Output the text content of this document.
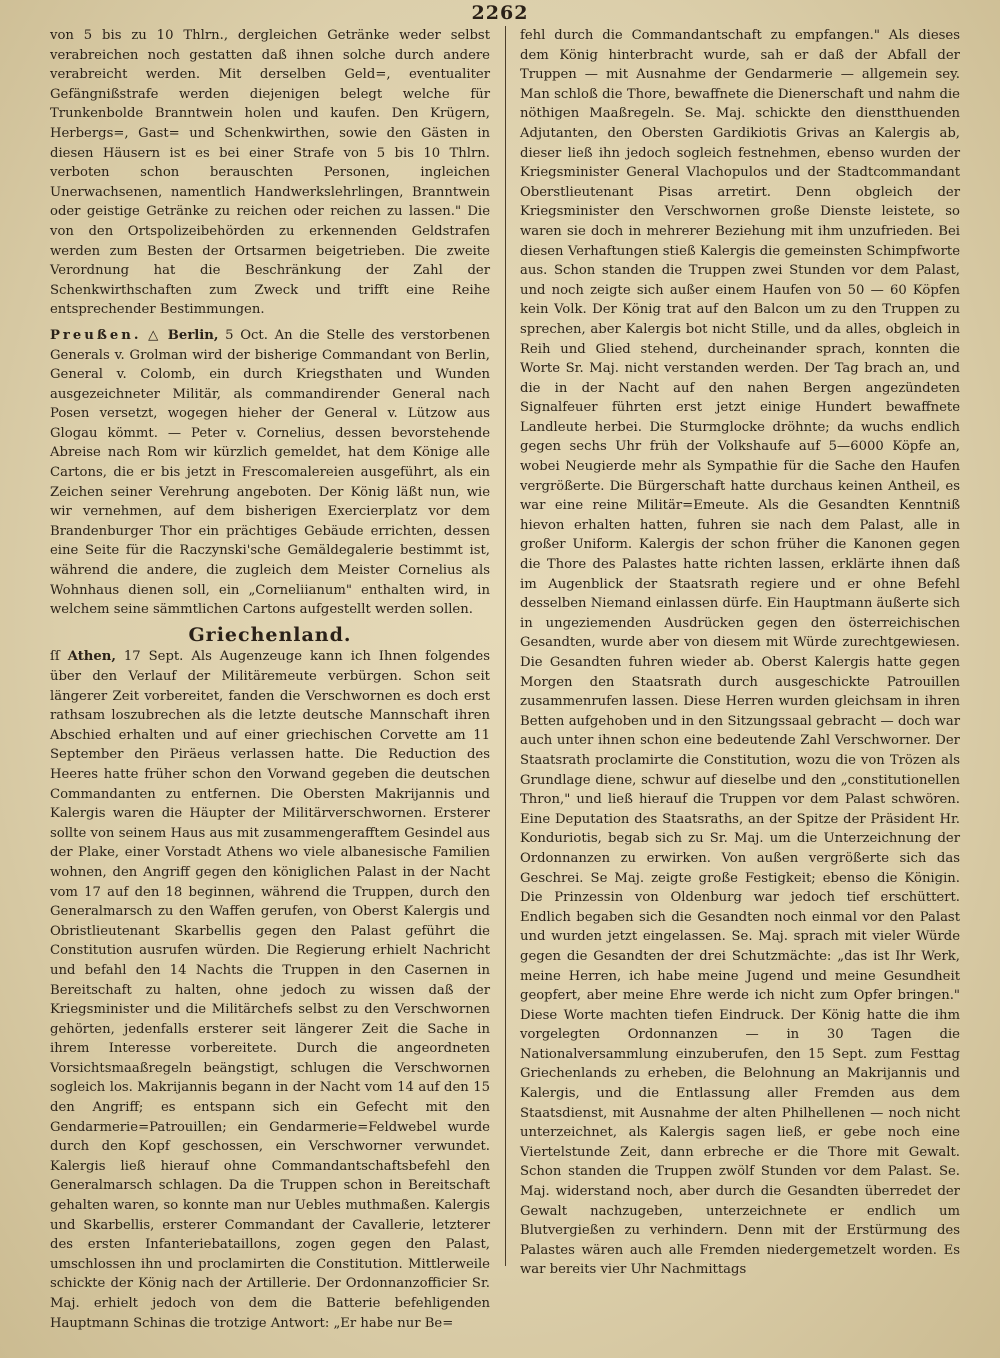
2262

von 5 bis zu 10 Thlrn., dergleichen Getränke weder selbst verabreichen noch gestatten daß ihnen solche durch andere verabreicht werden. Mit derselben Geld=, eventualiter Gefängnißstrafe werden diejenigen belegt welche für Trunkenbolde Branntwein holen und kaufen. Den Krügern, Herbergs=, Gast= und Schenkwirthen, sowie den Gästen in diesen Häusern ist es bei einer Strafe von 5 bis 10 Thlrn. verboten schon berauschten Personen, ingleichen Unerwachsenen, namentlich Handwerkslehrlingen, Branntwein oder geistige Getränke zu reichen oder reichen zu lassen." Die von den Ortspolizeibehörden zu erkennenden Geldstrafen werden zum Besten der Ortsarmen beigetrieben. Die zweite Verordnung hat die Beschränkung der Zahl der Schenkwirthschaften zum Zweck und trifft eine Reihe entsprechender Bestimmungen.

Preußen. △ Berlin, 5 Oct. An die Stelle des verstorbenen Generals v. Grolman wird der bisherige Commandant von Berlin, General v. Colomb, ein durch Kriegsthaten und Wunden ausgezeichneter Militär, als commandirender General nach Posen versetzt, wogegen hieher der General v. Lützow aus Glogau kömmt. — Peter v. Cornelius, dessen bevorstehende Abreise nach Rom wir kürzlich gemeldet, hat dem Könige alle Cartons, die er bis jetzt in Frescomalereien ausgeführt, als ein Zeichen seiner Verehrung angeboten. Der König läßt nun, wie wir vernehmen, auf dem bisherigen Exercierplatz vor dem Brandenburger Thor ein prächtiges Gebäude errichten, dessen eine Seite für die Raczynski'sche Gemäldegalerie bestimmt ist, während die andere, die zugleich dem Meister Cornelius als Wohnhaus dienen soll, ein „Corneliianum" enthalten wird, in welchem seine sämmtlichen Cartons aufgestellt werden sollen.

Griechenland.

ſſ Athen, 17 Sept. Als Augenzeuge kann ich Ihnen folgendes über den Verlauf der Militäremeute verbürgen. Schon seit längerer Zeit vorbereitet, fanden die Verschwornen es doch erst rathsam loszubrechen als die letzte deutsche Mannschaft ihren Abschied erhalten und auf einer griechischen Corvette am 11 September den Piräeus verlassen hatte. Die Reduction des Heeres hatte früher schon den Vorwand gegeben die deutschen Commandanten zu entfernen. Die Obersten Makrijannis und Kalergis waren die Häupter der Militärverschwornen. Ersterer sollte von seinem Haus aus mit zusammengerafftem Gesindel aus der Plake, einer Vorstadt Athens wo viele albanesische Familien wohnen, den Angriff gegen den königlichen Palast in der Nacht vom 17 auf den 18 beginnen, während die Truppen, durch den Generalmarsch zu den Waffen gerufen, von Oberst Kalergis und Obristlieutenant Skarbellis gegen den Palast geführt die Constitution ausrufen würden. Die Regierung erhielt Nachricht und befahl den 14 Nachts die Truppen in den Casernen in Bereitschaft zu halten, ohne jedoch zu wissen daß der Kriegsminister und die Militärchefs selbst zu den Verschwornen gehörten, jedenfalls ersterer seit längerer Zeit die Sache in ihrem Interesse vorbereitete. Durch die angeordneten Vorsichtsmaaßregeln beängstigt, schlugen die Verschwornen sogleich los. Makrijannis begann in der Nacht vom 14 auf den 15 den Angriff; es entspann sich ein Gefecht mit den Gendarmerie=Patrouillen; ein Gendarmerie=Feldwebel wurde durch den Kopf geschossen, ein Verschworner verwundet. Kalergis ließ hierauf ohne Commandantschaftsbefehl den Generalmarsch schlagen. Da die Truppen schon in Bereitschaft gehalten waren, so konnte man nur Uebles muthmaßen. Kalergis und Skarbellis, ersterer Commandant der Cavallerie, letzterer des ersten Infanteriebataillons, zogen gegen den Palast, umschlossen ihn und proclamirten die Constitution. Mittlerweile schickte der König nach der Artillerie. Der Ordonnanzofficier Sr. Maj. erhielt jedoch von dem die Batterie befehligenden Hauptmann Schinas die trotzige Antwort: „Er habe nur Be=

fehl durch die Commandantschaft zu empfangen." Als dieses dem König hinterbracht wurde, sah er daß der Abfall der Truppen — mit Ausnahme der Gendarmerie — allgemein sey. Man schloß die Thore, bewaffnete die Dienerschaft und nahm die nöthigen Maaßregeln. Se. Maj. schickte den dienstthuenden Adjutanten, den Obersten Gardikiotis Grivas an Kalergis ab, dieser ließ ihn jedoch sogleich festnehmen, ebenso wurden der Kriegsminister General Vlachopulos und der Stadtcommandant Oberstlieutenant Pisas arretirt. Denn obgleich der Kriegsminister den Verschwornen große Dienste leistete, so waren sie doch in mehrerer Beziehung mit ihm unzufrieden. Bei diesen Verhaftungen stieß Kalergis die gemeinsten Schimpfworte aus. Schon standen die Truppen zwei Stunden vor dem Palast, und noch zeigte sich außer einem Haufen von 50 — 60 Köpfen kein Volk. Der König trat auf den Balcon um zu den Truppen zu sprechen, aber Kalergis bot nicht Stille, und da alles, obgleich in Reih und Glied stehend, durcheinander sprach, konnten die Worte Sr. Maj. nicht verstanden werden. Der Tag brach an, und die in der Nacht auf den nahen Bergen angezündeten Signalfeuer führten erst jetzt einige Hundert bewaffnete Landleute herbei. Die Sturmglocke dröhnte; da wuchs endlich gegen sechs Uhr früh der Volkshaufe auf 5—6000 Köpfe an, wobei Neugierde mehr als Sympathie für die Sache den Haufen vergrößerte. Die Bürgerschaft hatte durchaus keinen Antheil, es war eine reine Militär=Emeute. Als die Gesandten Kenntniß hievon erhalten hatten, fuhren sie nach dem Palast, alle in großer Uniform. Kalergis der schon früher die Kanonen gegen die Thore des Palastes hatte richten lassen, erklärte ihnen daß im Augenblick der Staatsrath regiere und er ohne Befehl desselben Niemand einlassen dürfe. Ein Hauptmann äußerte sich in ungeziemenden Ausdrücken gegen den österreichischen Gesandten, wurde aber von diesem mit Würde zurechtgewiesen. Die Gesandten fuhren wieder ab. Oberst Kalergis hatte gegen Morgen den Staatsrath durch ausgeschickte Patrouillen zusammenrufen lassen. Diese Herren wurden gleichsam in ihren Betten aufgehoben und in den Sitzungssaal gebracht — doch war auch unter ihnen schon eine bedeutende Zahl Verschworner. Der Staatsrath proclamirte die Constitution, wozu die von Trözen als Grundlage diene, schwur auf dieselbe und den „constitutionellen Thron," und ließ hierauf die Truppen vor dem Palast schwören. Eine Deputation des Staatsraths, an der Spitze der Präsident Hr. Konduriotis, begab sich zu Sr. Maj. um die Unterzeichnung der Ordonnanzen zu erwirken. Von außen vergrößerte sich das Geschrei. Se Maj. zeigte große Festigkeit; ebenso die Königin. Die Prinzessin von Oldenburg war jedoch tief erschüttert. Endlich begaben sich die Gesandten noch einmal vor den Palast und wurden jetzt eingelassen. Se. Maj. sprach mit vieler Würde gegen die Gesandten der drei Schutzmächte: „das ist Ihr Werk, meine Herren, ich habe meine Jugend und meine Gesundheit geopfert, aber meine Ehre werde ich nicht zum Opfer bringen." Diese Worte machten tiefen Eindruck. Der König hatte die ihm vorgelegten Ordonnanzen — in 30 Tagen die Nationalversammlung einzuberufen, den 15 Sept. zum Festtag Griechenlands zu erheben, die Belohnung an Makrijannis und Kalergis, und die Entlassung aller Fremden aus dem Staatsdienst, mit Ausnahme der alten Philhellenen — noch nicht unterzeichnet, als Kalergis sagen ließ, er gebe noch eine Viertelstunde Zeit, dann erbreche er die Thore mit Gewalt. Schon standen die Truppen zwölf Stunden vor dem Palast. Se. Maj. widerstand noch, aber durch die Gesandten überredet der Gewalt nachzugeben, unterzeichnete er endlich um Blutvergießen zu verhindern. Denn mit der Erstürmung des Palastes wären auch alle Fremden niedergemetzelt worden. Es war bereits vier Uhr Nachmittags
